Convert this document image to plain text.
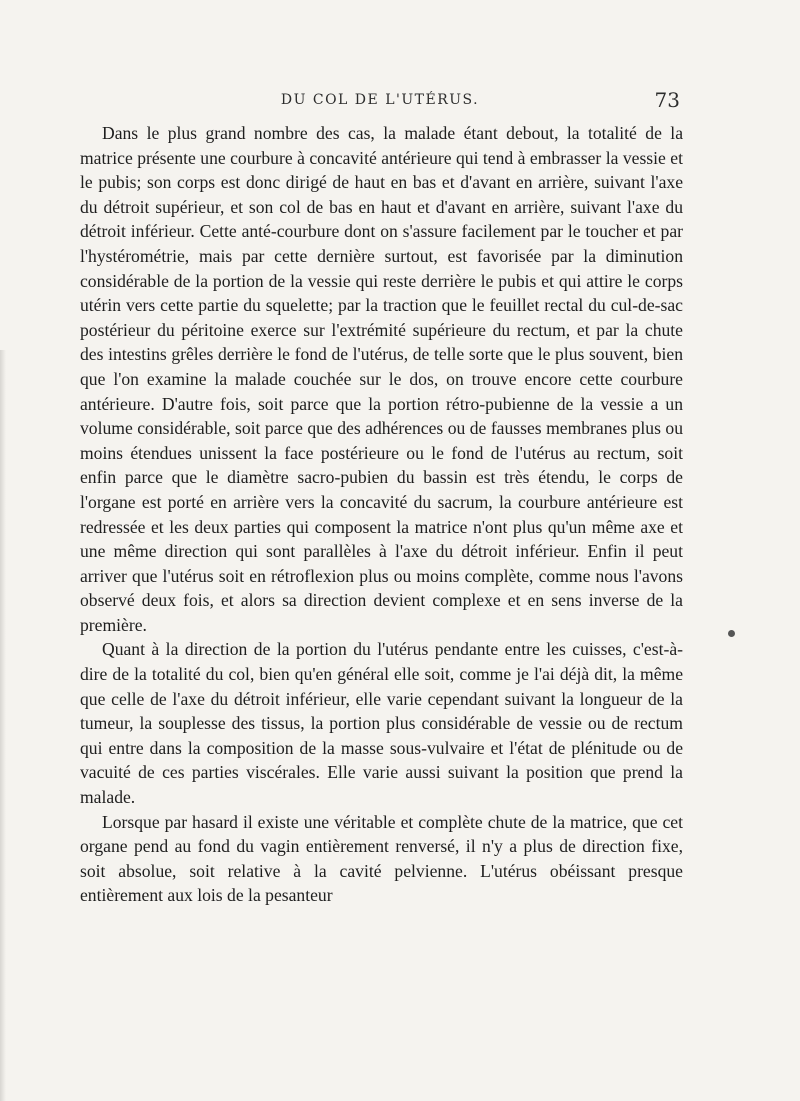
DU COL DE L'UTÉRUS.	73

Dans le plus grand nombre des cas, la malade étant debout, la totalité de la matrice présente une courbure à concavité antérieure qui tend à embrasser la vessie et le pubis; son corps est donc dirigé de haut en bas et d'avant en arrière, suivant l'axe du détroit supérieur, et son col de bas en haut et d'avant en arrière, suivant l'axe du détroit inférieur. Cette anté-courbure dont on s'assure facilement par le toucher et par l'hystérométrie, mais par cette dernière surtout, est favorisée par la diminution considérable de la portion de la vessie qui reste derrière le pubis et qui attire le corps utérin vers cette partie du squelette; par la traction que le feuillet rectal du cul-de-sac postérieur du péritoine exerce sur l'extrémité supérieure du rectum, et par la chute des intestins grêles derrière le fond de l'utérus, de telle sorte que le plus souvent, bien que l'on examine la malade couchée sur le dos, on trouve encore cette courbure antérieure. D'autre fois, soit parce que la portion rétro-pubienne de la vessie a un volume considérable, soit parce que des adhérences ou de fausses membranes plus ou moins étendues unissent la face postérieure ou le fond de l'utérus au rectum, soit enfin parce que le diamètre sacro-pubien du bassin est très étendu, le corps de l'organe est porté en arrière vers la concavité du sacrum, la courbure antérieure est redressée et les deux parties qui composent la matrice n'ont plus qu'un même axe et une même direction qui sont parallèles à l'axe du détroit inférieur. Enfin il peut arriver que l'utérus soit en rétroflexion plus ou moins complète, comme nous l'avons observé deux fois, et alors sa direction devient complexe et en sens inverse de la première.

Quant à la direction de la portion du l'utérus pendante entre les cuisses, c'est-à-dire de la totalité du col, bien qu'en général elle soit, comme je l'ai déjà dit, la même que celle de l'axe du détroit inférieur, elle varie cependant suivant la longueur de la tumeur, la souplesse des tissus, la portion plus considérable de vessie ou de rectum qui entre dans la composition de la masse sous-vulvaire et l'état de plénitude ou de vacuité de ces parties viscérales. Elle varie aussi suivant la position que prend la malade.

Lorsque par hasard il existe une véritable et complète chute de la matrice, que cet organe pend au fond du vagin entièrement renversé, il n'y a plus de direction fixe, soit absolue, soit relative à la cavité pelvienne. L'utérus obéissant presque entièrement aux lois de la pesanteur
